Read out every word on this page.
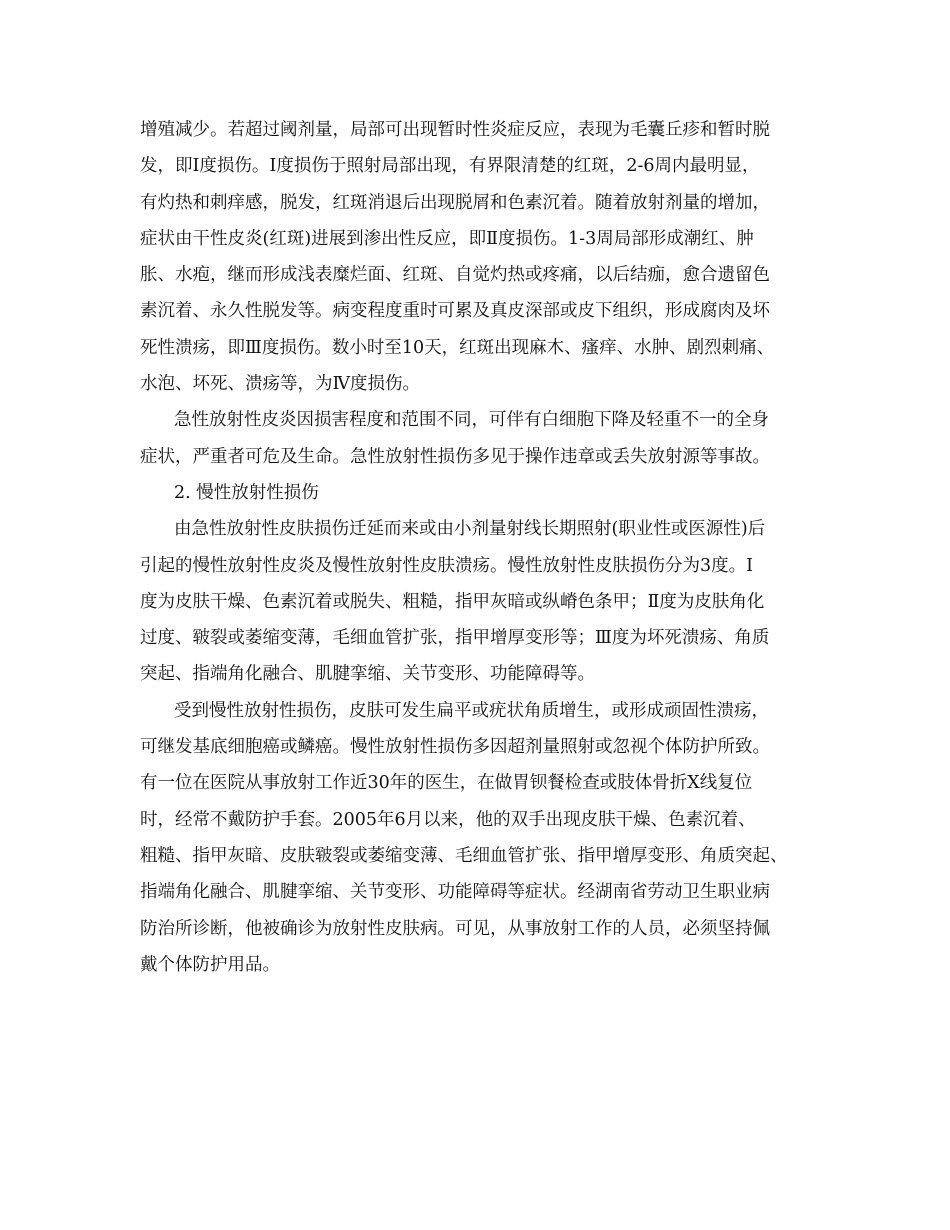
增殖减少。若超过阈剂量，局部可出现暂时性炎症反应，表现为毛囊丘疹和暂时脱
发，即Ⅰ度损伤。Ⅰ度损伤于照射局部出现，有界限清楚的红斑，2-6周内最明显，
有灼热和刺痒感，脱发，红斑消退后出现脱屑和色素沉着。随着放射剂量的增加，
症状由干性皮炎(红斑)进展到渗出性反应，即Ⅱ度损伤。1-3周局部形成潮红、肿
胀、水疱，继而形成浅表糜烂面、红斑、自觉灼热或疼痛，以后结痂，愈合遗留色
素沉着、永久性脱发等。病变程度重时可累及真皮深部或皮下组织，形成腐肉及坏
死性溃疡，即Ⅲ度损伤。数小时至10天，红斑出现麻木、瘙痒、水肿、剧烈刺痛、
水泡、坏死、溃疡等，为Ⅳ度损伤。
急性放射性皮炎因损害程度和范围不同，可伴有白细胞下降及轻重不一的全身
症状，严重者可危及生命。急性放射性损伤多见于操作违章或丢失放射源等事故。
2. 慢性放射性损伤
由急性放射性皮肤损伤迁延而来或由小剂量射线长期照射(职业性或医源性)后
引起的慢性放射性皮炎及慢性放射性皮肤溃疡。慢性放射性皮肤损伤分为3度。Ⅰ
度为皮肤干燥、色素沉着或脱失、粗糙，指甲灰暗或纵嵴色条甲；Ⅱ度为皮肤角化
过度、皲裂或萎缩变薄，毛细血管扩张，指甲增厚变形等；Ⅲ度为坏死溃疡、角质
突起、指端角化融合、肌腱挛缩、关节变形、功能障碍等。
受到慢性放射性损伤，皮肤可发生扁平或疣状角质增生，或形成顽固性溃疡，
可继发基底细胞癌或鳞癌。慢性放射性损伤多因超剂量照射或忽视个体防护所致。
有一位在医院从事放射工作近30年的医生，在做胃钡餐检查或肢体骨折X线复位
时，经常不戴防护手套。2005年6月以来，他的双手出现皮肤干燥、色素沉着、
粗糙、指甲灰暗、皮肤皲裂或萎缩变薄、毛细血管扩张、指甲增厚变形、角质突起、
指端角化融合、肌腱挛缩、关节变形、功能障碍等症状。经湖南省劳动卫生职业病
防治所诊断，他被确诊为放射性皮肤病。可见，从事放射工作的人员，必须坚持佩
戴个体防护用品。
